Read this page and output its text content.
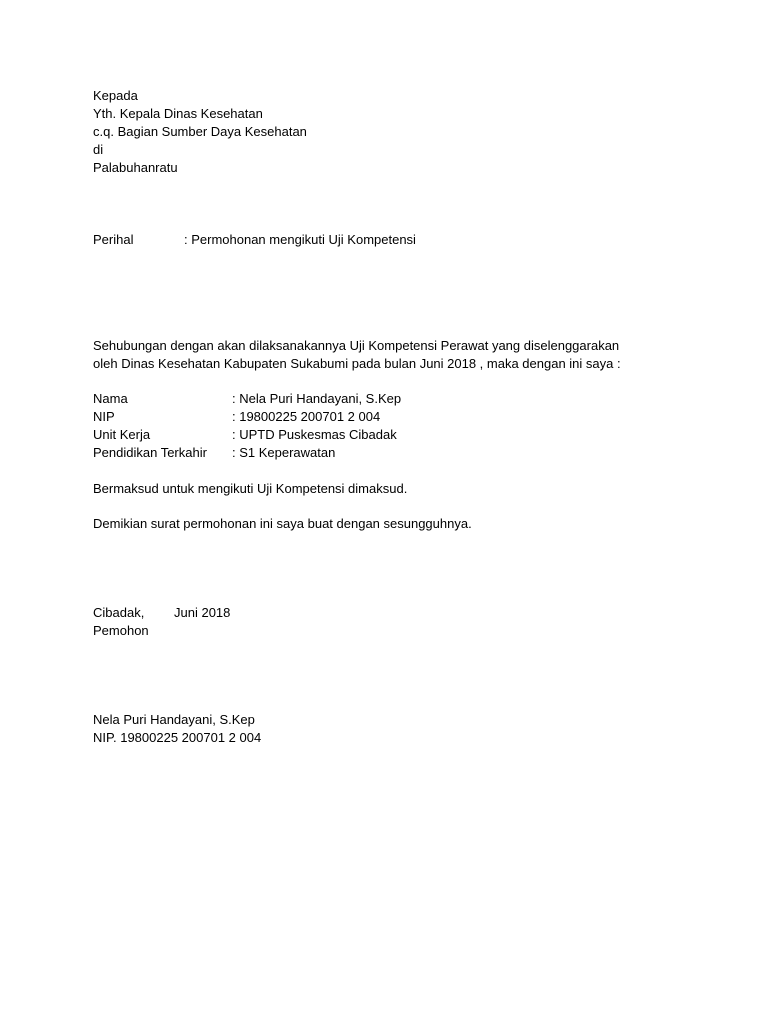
Kepada
Yth. Kepala Dinas Kesehatan
c.q. Bagian Sumber Daya Kesehatan
di
Palabuhanratu
Perihal	: Permohonan mengikuti Uji Kompetensi
Sehubungan dengan akan dilaksanakannya Uji Kompetensi Perawat yang diselenggarakan
oleh Dinas Kesehatan Kabupaten Sukabumi pada bulan Juni 2018 , maka dengan ini saya :
Nama	: Nela Puri Handayani, S.Kep
NIP	: 19800225 200701 2 004
Unit Kerja	: UPTD Puskesmas Cibadak
Pendidikan Terkahir : S1 Keperawatan
Bermaksud untuk mengikuti Uji Kompetensi dimaksud.
Demikian surat permohonan ini saya buat dengan sesungguhnya.
Cibadak, Juni 2018
Pemohon
Nela Puri Handayani, S.Kep
NIP. 19800225 200701 2 004
